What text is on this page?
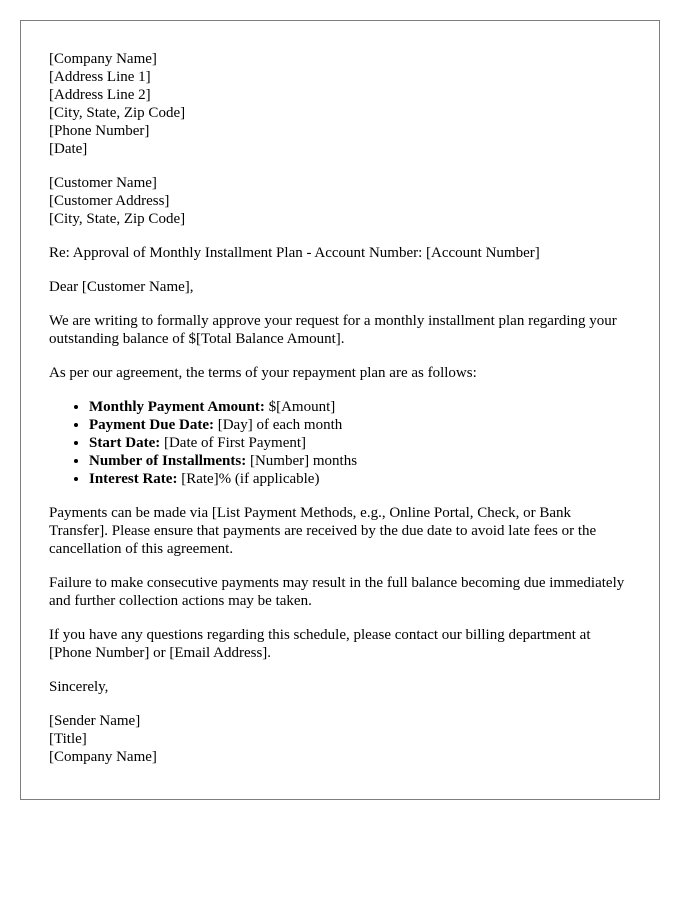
[Company Name]

[Address Line 1]

[Address Line 2]

[City, State, Zip Code]

[Phone Number]

[Date]

[Customer Name]

[Customer Address]

[City, State, Zip Code]

Re: Approval of Monthly Installment Plan - Account Number: [Account Number]

Dear [Customer Name],

We are writing to formally approve your request for a monthly installment plan regarding your outstanding balance of $[Total Balance Amount].

As per our agreement, the terms of your repayment plan are as follows:

• Monthly Payment Amount: $[Amount]
• Payment Due Date: [Day] of each month
• Start Date: [Date of First Payment]
• Number of Installments: [Number] months
• Interest Rate: [Rate]% (if applicable)

Payments can be made via [List Payment Methods, e.g., Online Portal, Check, or Bank Transfer]. Please ensure that payments are received by the due date to avoid late fees or the cancellation of this agreement.

Failure to make consecutive payments may result in the full balance becoming due immediately and further collection actions may be taken.

If you have any questions regarding this schedule, please contact our billing department at [Phone Number] or [Email Address].

Sincerely,

[Sender Name]

[Title]

[Company Name]
